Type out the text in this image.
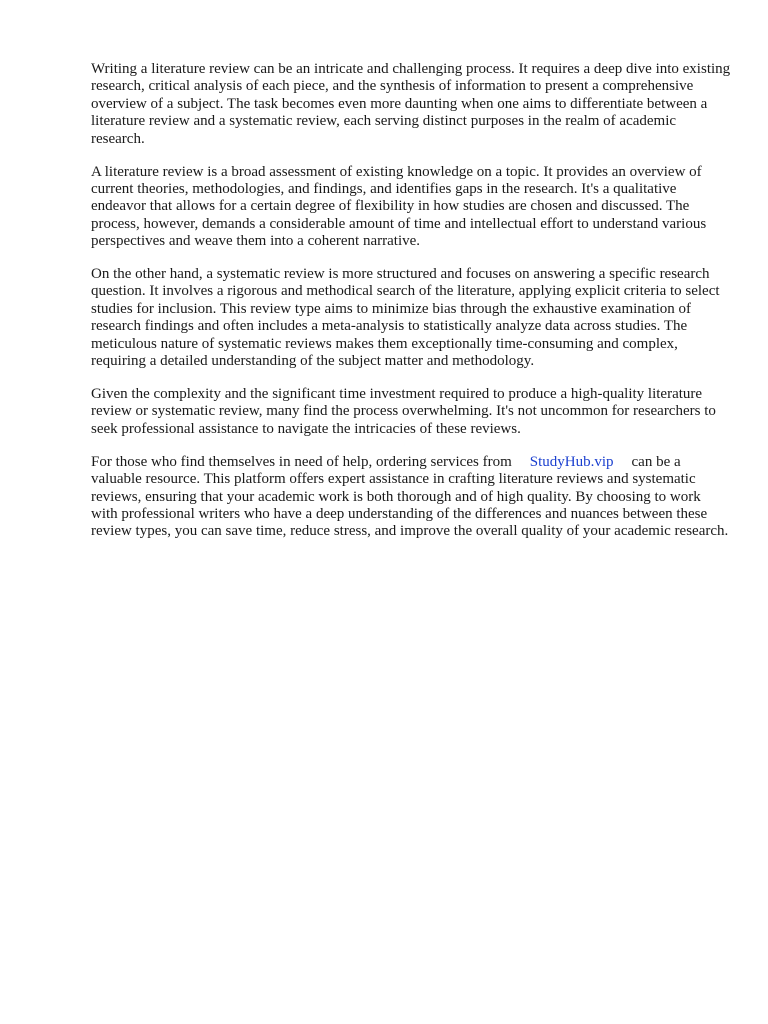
Writing a literature review can be an intricate and challenging process. It requires a deep dive into existing research, critical analysis of each piece, and the synthesis of information to present a comprehensive overview of a subject. The task becomes even more daunting when one aims to differentiate between a literature review and a systematic review, each serving distinct purposes in the realm of academic research.

A literature review is a broad assessment of existing knowledge on a topic. It provides an overview of current theories, methodologies, and findings, and identifies gaps in the research. It's a qualitative endeavor that allows for a certain degree of flexibility in how studies are chosen and discussed. The process, however, demands a considerable amount of time and intellectual effort to understand various perspectives and weave them into a coherent narrative.

On the other hand, a systematic review is more structured and focuses on answering a specific research question. It involves a rigorous and methodical search of the literature, applying explicit criteria to select studies for inclusion. This review type aims to minimize bias through the exhaustive examination of research findings and often includes a meta-analysis to statistically analyze data across studies. The meticulous nature of systematic reviews makes them exceptionally time-consuming and complex, requiring a detailed understanding of the subject matter and methodology.

Given the complexity and the significant time investment required to produce a high-quality literature review or systematic review, many find the process overwhelming. It's not uncommon for researchers to seek professional assistance to navigate the intricacies of these reviews.

For those who find themselves in need of help, ordering services from StudyHub.vip can be a valuable resource. This platform offers expert assistance in crafting literature reviews and systematic reviews, ensuring that your academic work is both thorough and of high quality. By choosing to work with professional writers who have a deep understanding of the differences and nuances between these review types, you can save time, reduce stress, and improve the overall quality of your academic research.
